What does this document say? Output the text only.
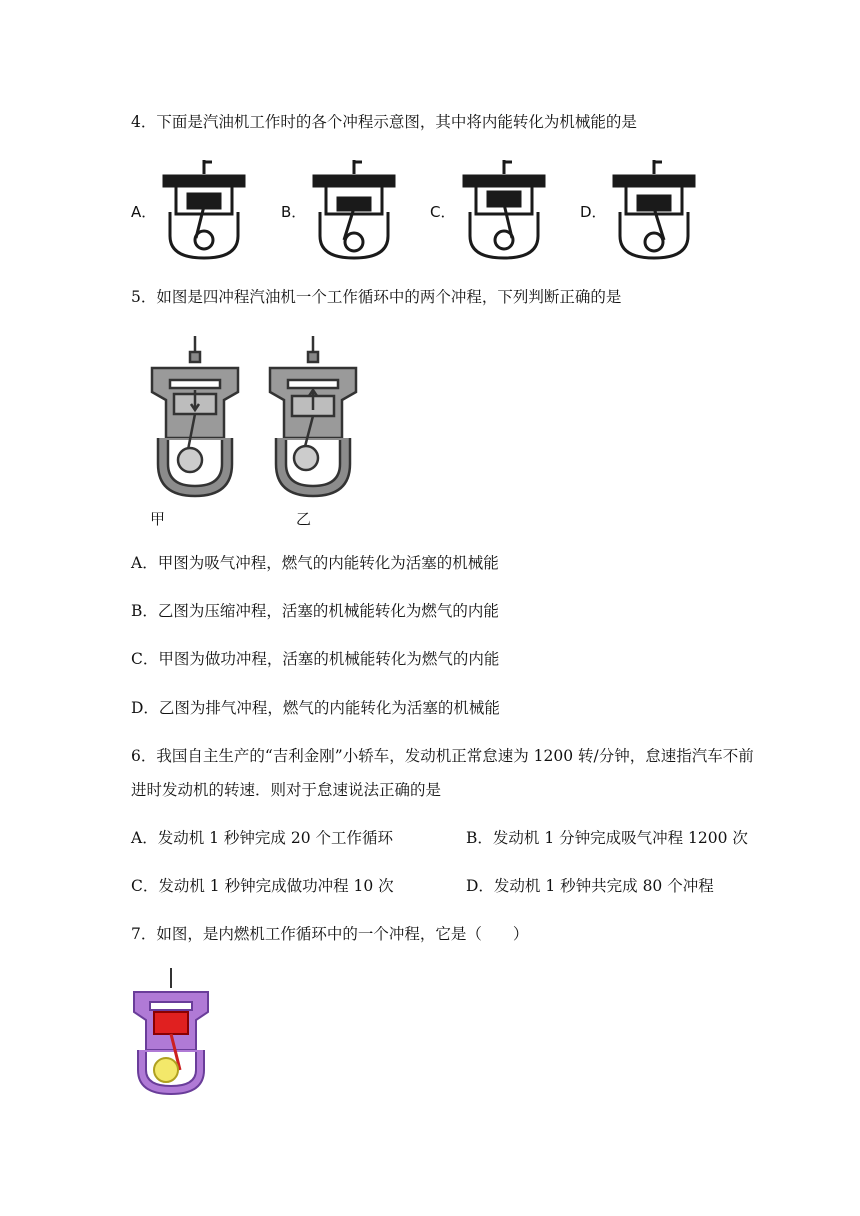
4．下面是汽油机工作时的各个冲程示意图，其中将内能转化为机械能的是
A．	B．	C．	D．
5．如图是四冲程汽油机一个工作循环中的两个冲程，下列判断正确的是
甲	乙
A．甲图为吸气冲程，燃气的内能转化为活塞的机械能
B．乙图为压缩冲程，活塞的机械能转化为燃气的内能
C．甲图为做功冲程，活塞的机械能转化为燃气的内能
D．乙图为排气冲程，燃气的内能转化为活塞的机械能
6．我国自主生产的“吉利金刚”小轿车，发动机正常怠速为 1200 转/分钟，怠速指汽车不前
进时发动机的转速．则对于怠速说法正确的是
A．发动机 1 秒钟完成 20 个工作循环	B．发动机 1 分钟完成吸气冲程 1200 次
C．发动机 1 秒钟完成做功冲程 10 次	D．发动机 1 秒钟共完成 80 个冲程
7．如图，是内燃机工作循环中的一个冲程，它是（　　）
